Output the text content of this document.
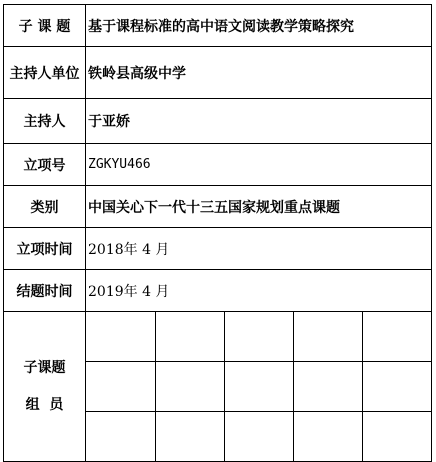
子 课 题	基于课程标准的高中语文阅读教学策略探究
主持人单位	铁岭县高级中学
主持人	于亚娇
立项号	ZGKYU466
类别	中国关心下一代十三五国家规划重点课题
立项时间	2018年 4 月
结题时间	2019年 4 月

子课题
组  员
